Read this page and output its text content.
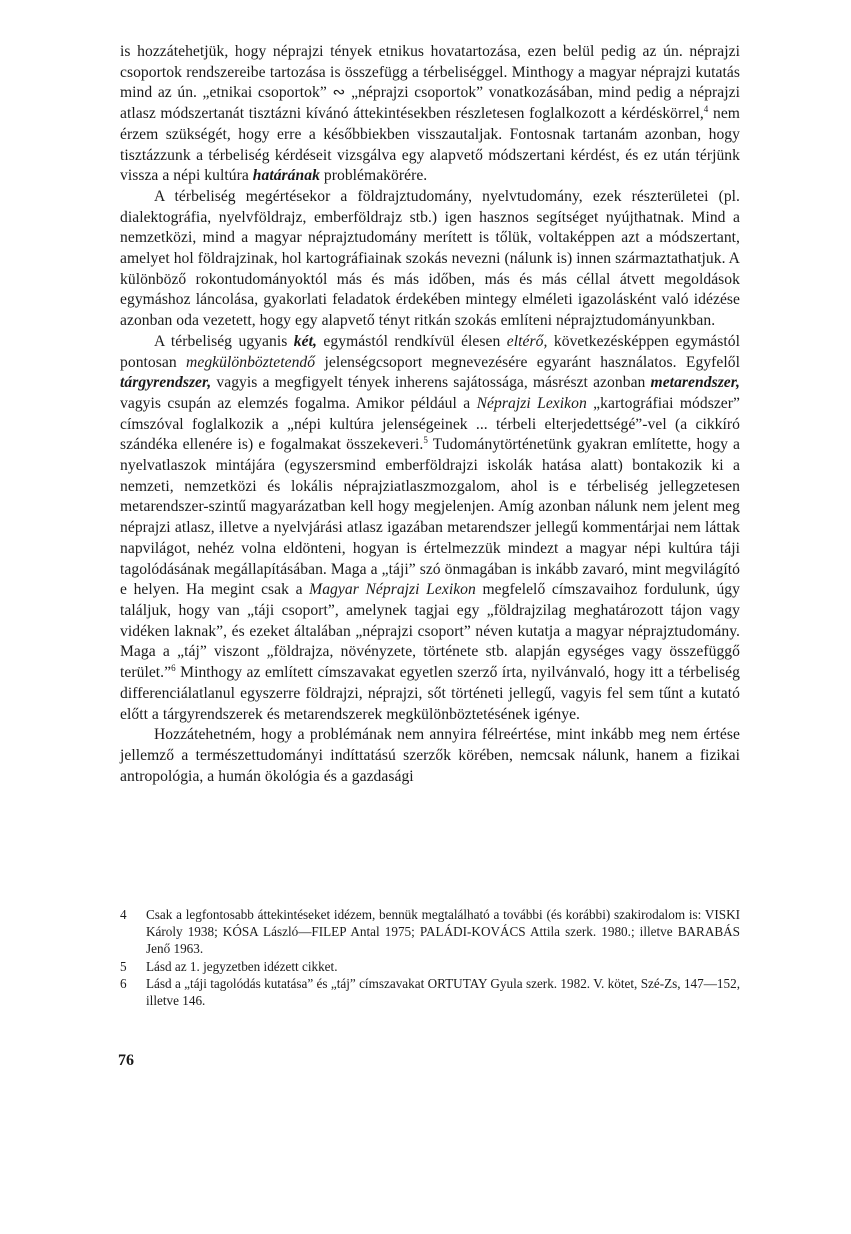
is hozzátehetjük, hogy néprajzi tények etnikus hovatartozása, ezen belül pedig az ún. néprajzi csoportok rendszereibe tartozása is összefügg a térbeliséggel. Minthogy a magyar néprajzi kutatás mind az ún. „etnikai csoportok” ∾ „néprajzi csoportok” vonatkozásában, mind pedig a néprajzi atlasz módszertanát tisztázni kívánó áttekintésekben részletesen foglalkozott a kérdéskörrel,$^4$ nem érzem szükségét, hogy erre a későbbiekben visszautaljak. Fontosnak tartanám azonban, hogy tisztázzunk a térbeliség kérdéseit vizsgálva egy alapvető módszertani kérdést, és ez után térjünk vissza a népi kultúra határának problémakörére.

A térbeliség megértésekor a földrajztudomány, nyelvtudomány, ezek részterületei (pl. dialektográfia, nyelvföldrajz, emberföldrajz stb.) igen hasznos segítséget nyújthatnak. Mind a nemzetközi, mind a magyar néprajztudomány merített is tőlük, voltaképpen azt a módszertant, amelyet hol földrajzinak, hol kartográfiainak szokás nevezni (nálunk is) innen származtathatjuk. A különböző rokontudományoktól más és más időben, más és más céllal átvett megoldások egymáshoz láncolása, gyakorlati feladatok érdekében mintegy elméleti igazolásként való idézése azonban oda vezetett, hogy egy alapvető tényt ritkán szokás említeni néprajztudományunkban.

A térbeliség ugyanis két, egymástól rendkívül élesen eltérő, következésképpen egymástól pontosan megkülönböztetendő jelenségcsoport megnevezésére egyaránt használatos. Egyfelől tárgyrendszer, vagyis a megfigyelt tények inherens sajátossága, másrészt azonban metarendszer, vagyis csupán az elemzés fogalma. Amikor például a Néprajzi Lexikon „kartográfiai módszer” címszóval foglalkozik a „népi kultúra jelenségeinek ... térbeli elterjedettségé”-vel (a cikkíró szándéka ellenére is) e fogalmakat összekeveri.$^5$ Tudománytörténetünk gyakran említette, hogy a nyelvatlaszok mintájára (egyszersmind emberföldrajzi iskolák hatása alatt) bontakozik ki a nemzeti, nemzetközi és lokális néprajziatlaszmozgalom, ahol is e térbeliség jellegzetesen metarendszer-szintű magyarázatban kell hogy megjelenjen. Amíg azonban nálunk nem jelent meg néprajzi atlasz, illetve a nyelvjárási atlasz igazában metarendszer jellegű kommentárjai nem láttak napvilágot, nehéz volna eldönteni, hogyan is értelmezzük mindezt a magyar népi kultúra táji tagolódásának megállapításában. Maga a „táji” szó önmagában is inkább zavaró, mint megvilágító e helyen. Ha megint csak a Magyar Néprajzi Lexikon megfelelő címszavaihoz fordulunk, úgy találjuk, hogy van „táji csoport”, amelynek tagjai egy „földrajzilag meghatározott tájon vagy vidéken laknak”, és ezeket általában „néprajzi csoport” néven kutatja a magyar néprajztudomány. Maga a „táj” viszont „földrajza, növényzete, története stb. alapján egységes vagy összefüggő terület.”$^6$ Minthogy az említett címszavakat egyetlen szerző írta, nyilvánvaló, hogy itt a térbeliség differenciálatlanul egyszerre földrajzi, néprajzi, sőt történeti jellegű, vagyis fel sem tűnt a kutató előtt a tárgyrendszerek és metarendszerek megkülönböztetésének igénye.

Hozzátehetném, hogy a problémának nem annyira félreértése, mint inkább meg nem értése jellemző a természettudományi indíttatású szerzők körében, nemcsak nálunk, hanem a fizikai antropológia, a humán ökológia és a gazdasági

4 Csak a legfontosabb áttekintéseket idézem, bennük megtalálható a további (és korábbi) szakirodalom is: VISKI Károly 1938; KÓSA László—FILEP Antal 1975; PALÁDI-KOVÁCS Attila szerk. 1980.; illetve BARABÁS Jenő 1963.
5 Lásd az 1. jegyzetben idézett cikket.
6 Lásd a „táji tagolódás kutatása” és „táj” címszavakat ORTUTAY Gyula szerk. 1982. V. kötet, Szé-Zs, 147—152, illetve 146.
76
